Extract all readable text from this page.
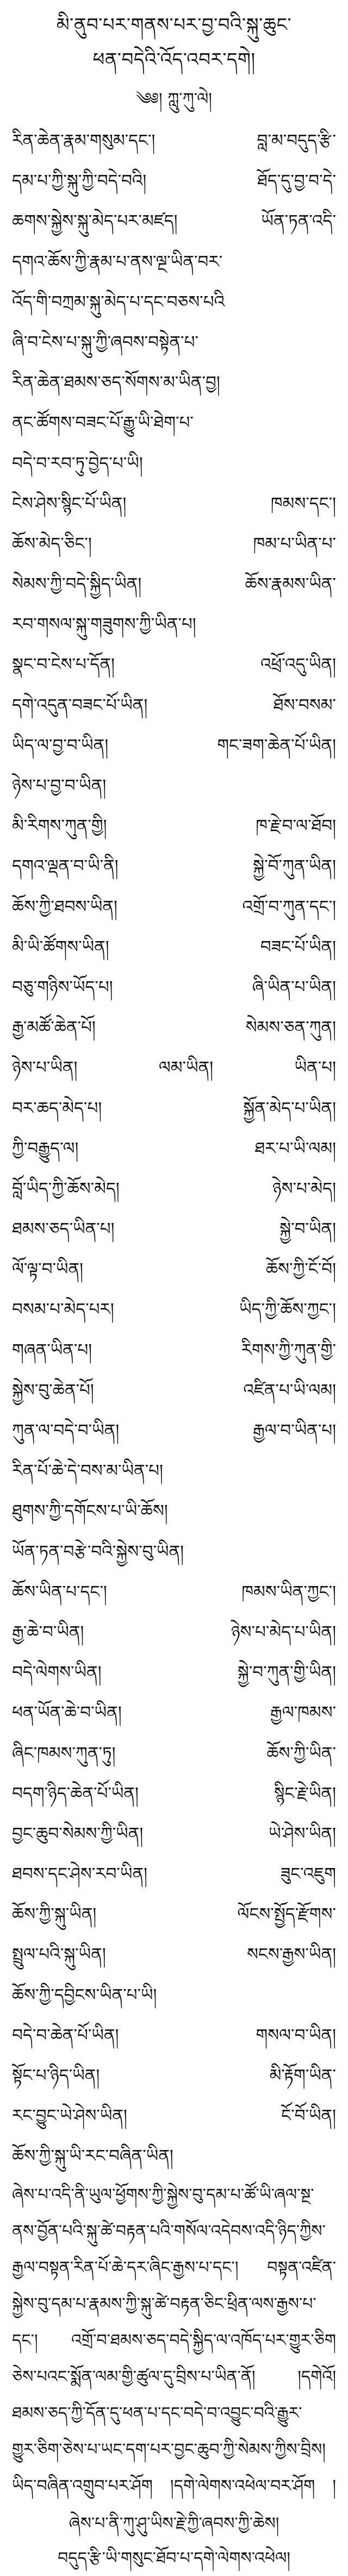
མི་ནུབ་པར་གནས་པར་བྱ་བའི་སྐུ་ཆུང་
ཕན་བདེའི་འོད་འབར་དགེ།
༄༅། ཀླུ་ཀུ་ལེ།
རིན་ཆེན་རྣམ་གསུམ་དང་། བླ་མ་བདུད་རྩི་
དམ་པ་ཀྱི་སྐུ་ཀྱི་བདེ་བའི། ཐོད་དུ་བྱ་བ་དེ་
ཆགས་སྐྱེས་སྐུ་མེད་པར་མཛད། ཡོན་ཏན་འདི་
དགའ་ཆོས་ཀྱི་རྣམ་པ་ནས་ལྔ་ཡིན་བར་
འོད་གི་བཀྲམ་སྐུ་མེད་པ་དང་བཅས་པའི
ཞི་བ་ངེས་པ་སྐུ་ཀྱི་ཞབས་བསྟེན་པ་
རིན་ཆེན་ཐམས་ཅད་སོགས་མ་ཡིན་བྱ།
ནང་ཚོགས་བཟང་པོ་རྒྱུ་ཡི་ཐེག་པ་
བདེ་བ་རབ་ཏུ་བྱེད་པ་ཡི།
ངེས་ཤེས་སྙིང་པོ་ཡིན། ཁམས་དང་།
ཆོས་མེད་ཅིང་། ཁམ་པ་ཡིན་པ་
སེམས་ཀྱི་བདེ་སྐྱིད་ཡིན། ཆོས་རྣམས་ཡིན་
རབ་གསལ་སྐུ་གཟུགས་ཀྱི་ཡིན་པ།
སྣང་བ་ངེས་པ་དོན། འཕྲོ་འདུ་ཡིན།
དགེ་འདུན་བཟང་པོ་ཡིན། ཐོས་བསམ་
ཡིད་ལ་བྱ་བ་ཡིན། གང་ཟག་ཆེན་པོ་ཡིན།
ཉེས་པ་བྱ་བ་ཡིན།
མི་རིགས་ཀུན་གྱི། ཁ་རྗེ་བ་ལ་ཐོབ།
དགའ་ལྡན་བ་ཡི་ནི། སྐྱེ་བོ་ཀུན་ཡིན།
ཆོས་ཀྱི་ཐབས་ཡིན། འགྲོ་བ་ཀུན་དང་།
མི་ཡི་ཚོགས་ཡིན། བཟང་པོ་ཡིན།
བཅུ་གཉིས་ཡོད་པ། ཞི་ཡིན་པ་ཡིན།
རྒྱ་མཚོ་ཆེན་པོ། སེམས་ཅན་ཀུན།
ཉེས་པ་ཡིན། ལམ་ཡིན། ཡིན་པ།
བར་ཆད་མེད་པ། སྐྱོན་མེད་པ་ཡིན།
ཀྱི་བརྒྱུད་ལ། ཐར་པ་ཡི་ལམ།
བློ་ཡིད་ཀྱི་ཆོས་མེད། ཉེས་པ་མེད།
ཐམས་ཅད་ཡིན་པ། སྐྱེ་བ་ཡིན།
ལོ་ལྟ་བ་ཡིན། ཆོས་ཀྱི་ངོ་བོ།
བསམ་པ་མེད་པར། ཡིད་ཀྱི་ཆོས་ཀྱང་།
གཞན་ཡིན་པ། རིགས་ཀྱི་ཀུན་གྱི་
སྐྱེས་བུ་ཆེན་པོ། འཛིན་པ་ཡི་ལམ།
ཀུན་ལ་བདེ་བ་ཡིན། རྒྱལ་བ་ཡིན་པ།
རིན་པོ་ཆེ་དེ་བས་མ་ཡིན་པ།
ཐུགས་ཀྱི་དགོངས་པ་ཡི་ཆོས།
ཡོན་ཏན་བརྩེ་བའི་སྐྱེས་བུ་ཡིན།
ཆོས་ཡིན་པ་དང་། ཁམས་ཡིན་ཀྱང་།
རྒྱ་ཆེ་བ་ཡིན། ཉེས་པ་མེད་པ་ཡིན།
བདེ་ལེགས་ཡིན། སྐྱེ་བ་ཀུན་གྱི་ཡིན།
ཕན་ཡོན་ཆེ་བ་ཡིན། རྒྱལ་ཁམས་
ཞིང་ཁམས་ཀུན་ཏུ། ཆོས་ཀྱི་ཡིན་
བདག་ཉིད་ཆེན་པོ་ཡིན། སྙིང་རྗེ་ཡིན།
བྱང་ཆུབ་སེམས་ཀྱི་ཡིན། ཡེ་ཤེས་ཡིན།
ཐབས་དང་ཤེས་རབ་ཡིན། ཟུང་འཇུག
ཆོས་ཀྱི་སྐུ་ཡིན། ལོངས་སྤྱོད་རྫོགས་
སྤྲུལ་པའི་སྐུ་ཡིན། སངས་རྒྱས་ཡིན།
ཆོས་ཀྱི་དབྱིངས་ཡིན་པ་ཡི།
བདེ་བ་ཆེན་པོ་ཡིན། གསལ་བ་ཡིན།
སྟོང་པ་ཉིད་ཡིན། མི་རྟོག་ཡིན་
རང་བྱུང་ཡེ་ཤེས་ཡིན། ངོ་བོ་ཡིན།
ཆོས་ཀྱི་སྐུ་ཡི་རང་བཞིན་ཡིན།
ཞེས་པ་འདི་ནི་ཡུལ་ཕྱོགས་ཀྱི་སྐྱེས་བུ་དམ་པ་ཚོ་ཡི་ཞལ་སྔ་
ནས་བྱོན་པའི་སྐུ་ཚེ་བརྟན་པའི་གསོལ་འདེབས་འདི་ཉིད་ཀྱིས་
རྒྱལ་བསྟན་རིན་པོ་ཆེ་དར་ཞིང་རྒྱས་པ་དང་། བསྟན་འཛིན་
སྐྱེས་བུ་དམ་པ་རྣམས་ཀྱི་སྐུ་ཚེ་བརྟན་ཅིང་ཕྲིན་ལས་རྒྱས་པ་
དང་། འགྲོ་བ་ཐམས་ཅད་བདེ་སྐྱིད་ལ་འཁོད་པར་གྱུར་ཅིག
ཅེས་པའང་སྨོན་ལམ་གྱི་ཚུལ་དུ་བྲིས་པ་ཡིན་ནོ། །དགེའོ།
ཐམས་ཅད་ཀྱི་དོན་དུ་ཕན་པ་དང་བདེ་བ་འབྱུང་བའི་རྒྱུར་
གྱུར་ཅིག་ཅེས་པ་ཡང་དག་པར་བྱང་ཆུབ་ཀྱི་སེམས་ཀྱིས་བྲིས།
ཡིད་བཞིན་འགྲུབ་པར་ཤོག །དགེ་ལེགས་འཕེལ་བར་ཤོག །
ཞེས་པ་ནི་ཀུ་ཤུ་ཡིས་རྗེ་ཀྱི་ཞབས་ཀྱི་ཆེས།
བདུད་རྩི་ཡི་གསུང་ཐོབ་པ་དགེ་ལེགས་འཕེལ།
